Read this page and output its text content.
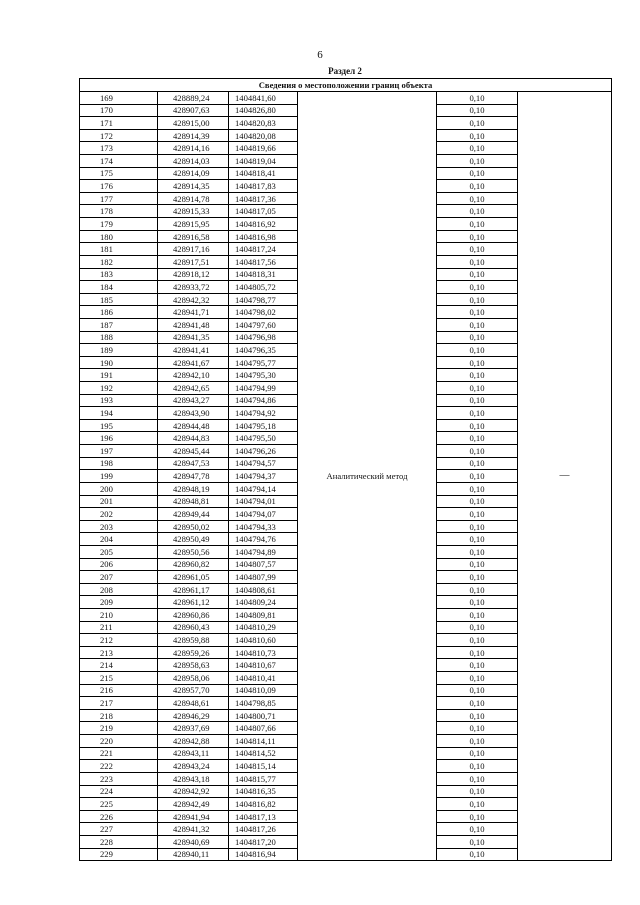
6
Раздел 2
Сведения о местоположении границ объекта					
169	428889,24	1404841,60	Аналитический метод	0,10	—
170	428907,63	1404826,80		0,10	
171	428915,00	1404820,83		0,10	
172	428914,39	1404820,08		0,10	
173	428914,16	1404819,66		0,10	
174	428914,03	1404819,04		0,10	
175	428914,09	1404818,41		0,10	
176	428914,35	1404817,83		0,10	
177	428914,78	1404817,36		0,10	
178	428915,33	1404817,05		0,10	
179	428915,95	1404816,92		0,10	
180	428916,58	1404816,98		0,10	
181	428917,16	1404817,24		0,10	
182	428917,51	1404817,56		0,10	
183	428918,12	1404818,31		0,10	
184	428933,72	1404805,72		0,10	
185	428942,32	1404798,77		0,10	
186	428941,71	1404798,02		0,10	
187	428941,48	1404797,60		0,10	
188	428941,35	1404796,98		0,10	
189	428941,41	1404796,35		0,10	
190	428941,67	1404795,77		0,10	
191	428942,10	1404795,30		0,10	
192	428942,65	1404794,99		0,10	
193	428943,27	1404794,86		0,10	
194	428943,90	1404794,92		0,10	
195	428944,48	1404795,18		0,10	
196	428944,83	1404795,50		0,10	
197	428945,44	1404796,26		0,10	
198	428947,53	1404794,57		0,10	
199	428947,78	1404794,37		0,10	
200	428948,19	1404794,14		0,10	
201	428948,81	1404794,01		0,10	
202	428949,44	1404794,07		0,10	
203	428950,02	1404794,33		0,10	
204	428950,49	1404794,76		0,10	
205	428950,56	1404794,89		0,10	
206	428960,82	1404807,57		0,10	
207	428961,05	1404807,99		0,10	
208	428961,17	1404808,61		0,10	
209	428961,12	1404809,24		0,10	
210	428960,86	1404809,81		0,10	
211	428960,43	1404810,29		0,10	
212	428959,88	1404810,60		0,10	
213	428959,26	1404810,73		0,10	
214	428958,63	1404810,67		0,10	
215	428958,06	1404810,41		0,10	
216	428957,70	1404810,09		0,10	
217	428948,61	1404798,85		0,10	
218	428946,29	1404800,71		0,10	
219	428937,69	1404807,66		0,10	
220	428942,88	1404814,11		0,10	
221	428943,11	1404814,52		0,10	
222	428943,24	1404815,14		0,10	
223	428943,18	1404815,77		0,10	
224	428942,92	1404816,35		0,10	
225	428942,49	1404816,82		0,10	
226	428941,94	1404817,13		0,10	
227	428941,32	1404817,26		0,10	
228	428940,69	1404817,20		0,10	
229	428940,11	1404816,94		0,10	
